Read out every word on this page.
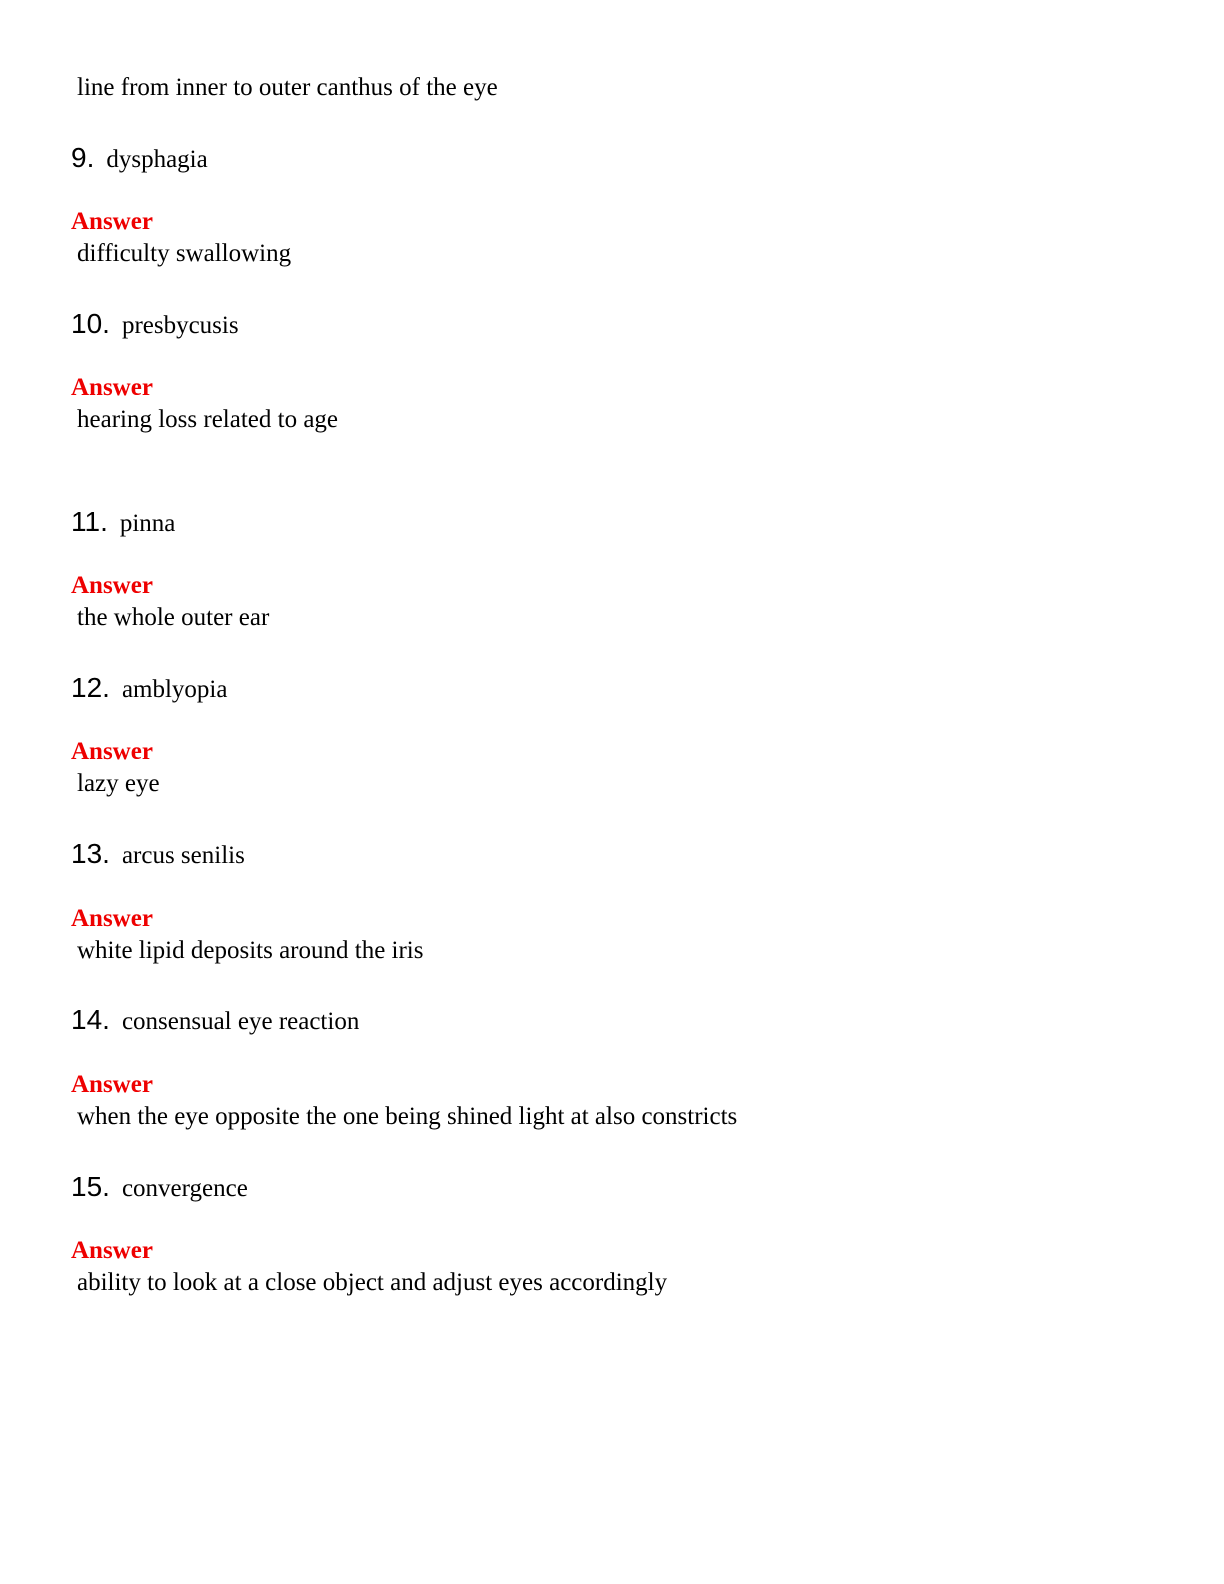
line from inner to outer canthus of the eye
9. dysphagia
Answer
difficulty swallowing
10. presbycusis
Answer
hearing loss related to age
11. pinna
Answer
the whole outer ear
12. amblyopia
Answer
lazy eye
13. arcus senilis
Answer
white lipid deposits around the iris
14. consensual eye reaction
Answer
when the eye opposite the one being shined light at also constricts
15. convergence
Answer
ability to look at a close object and adjust eyes accordingly
